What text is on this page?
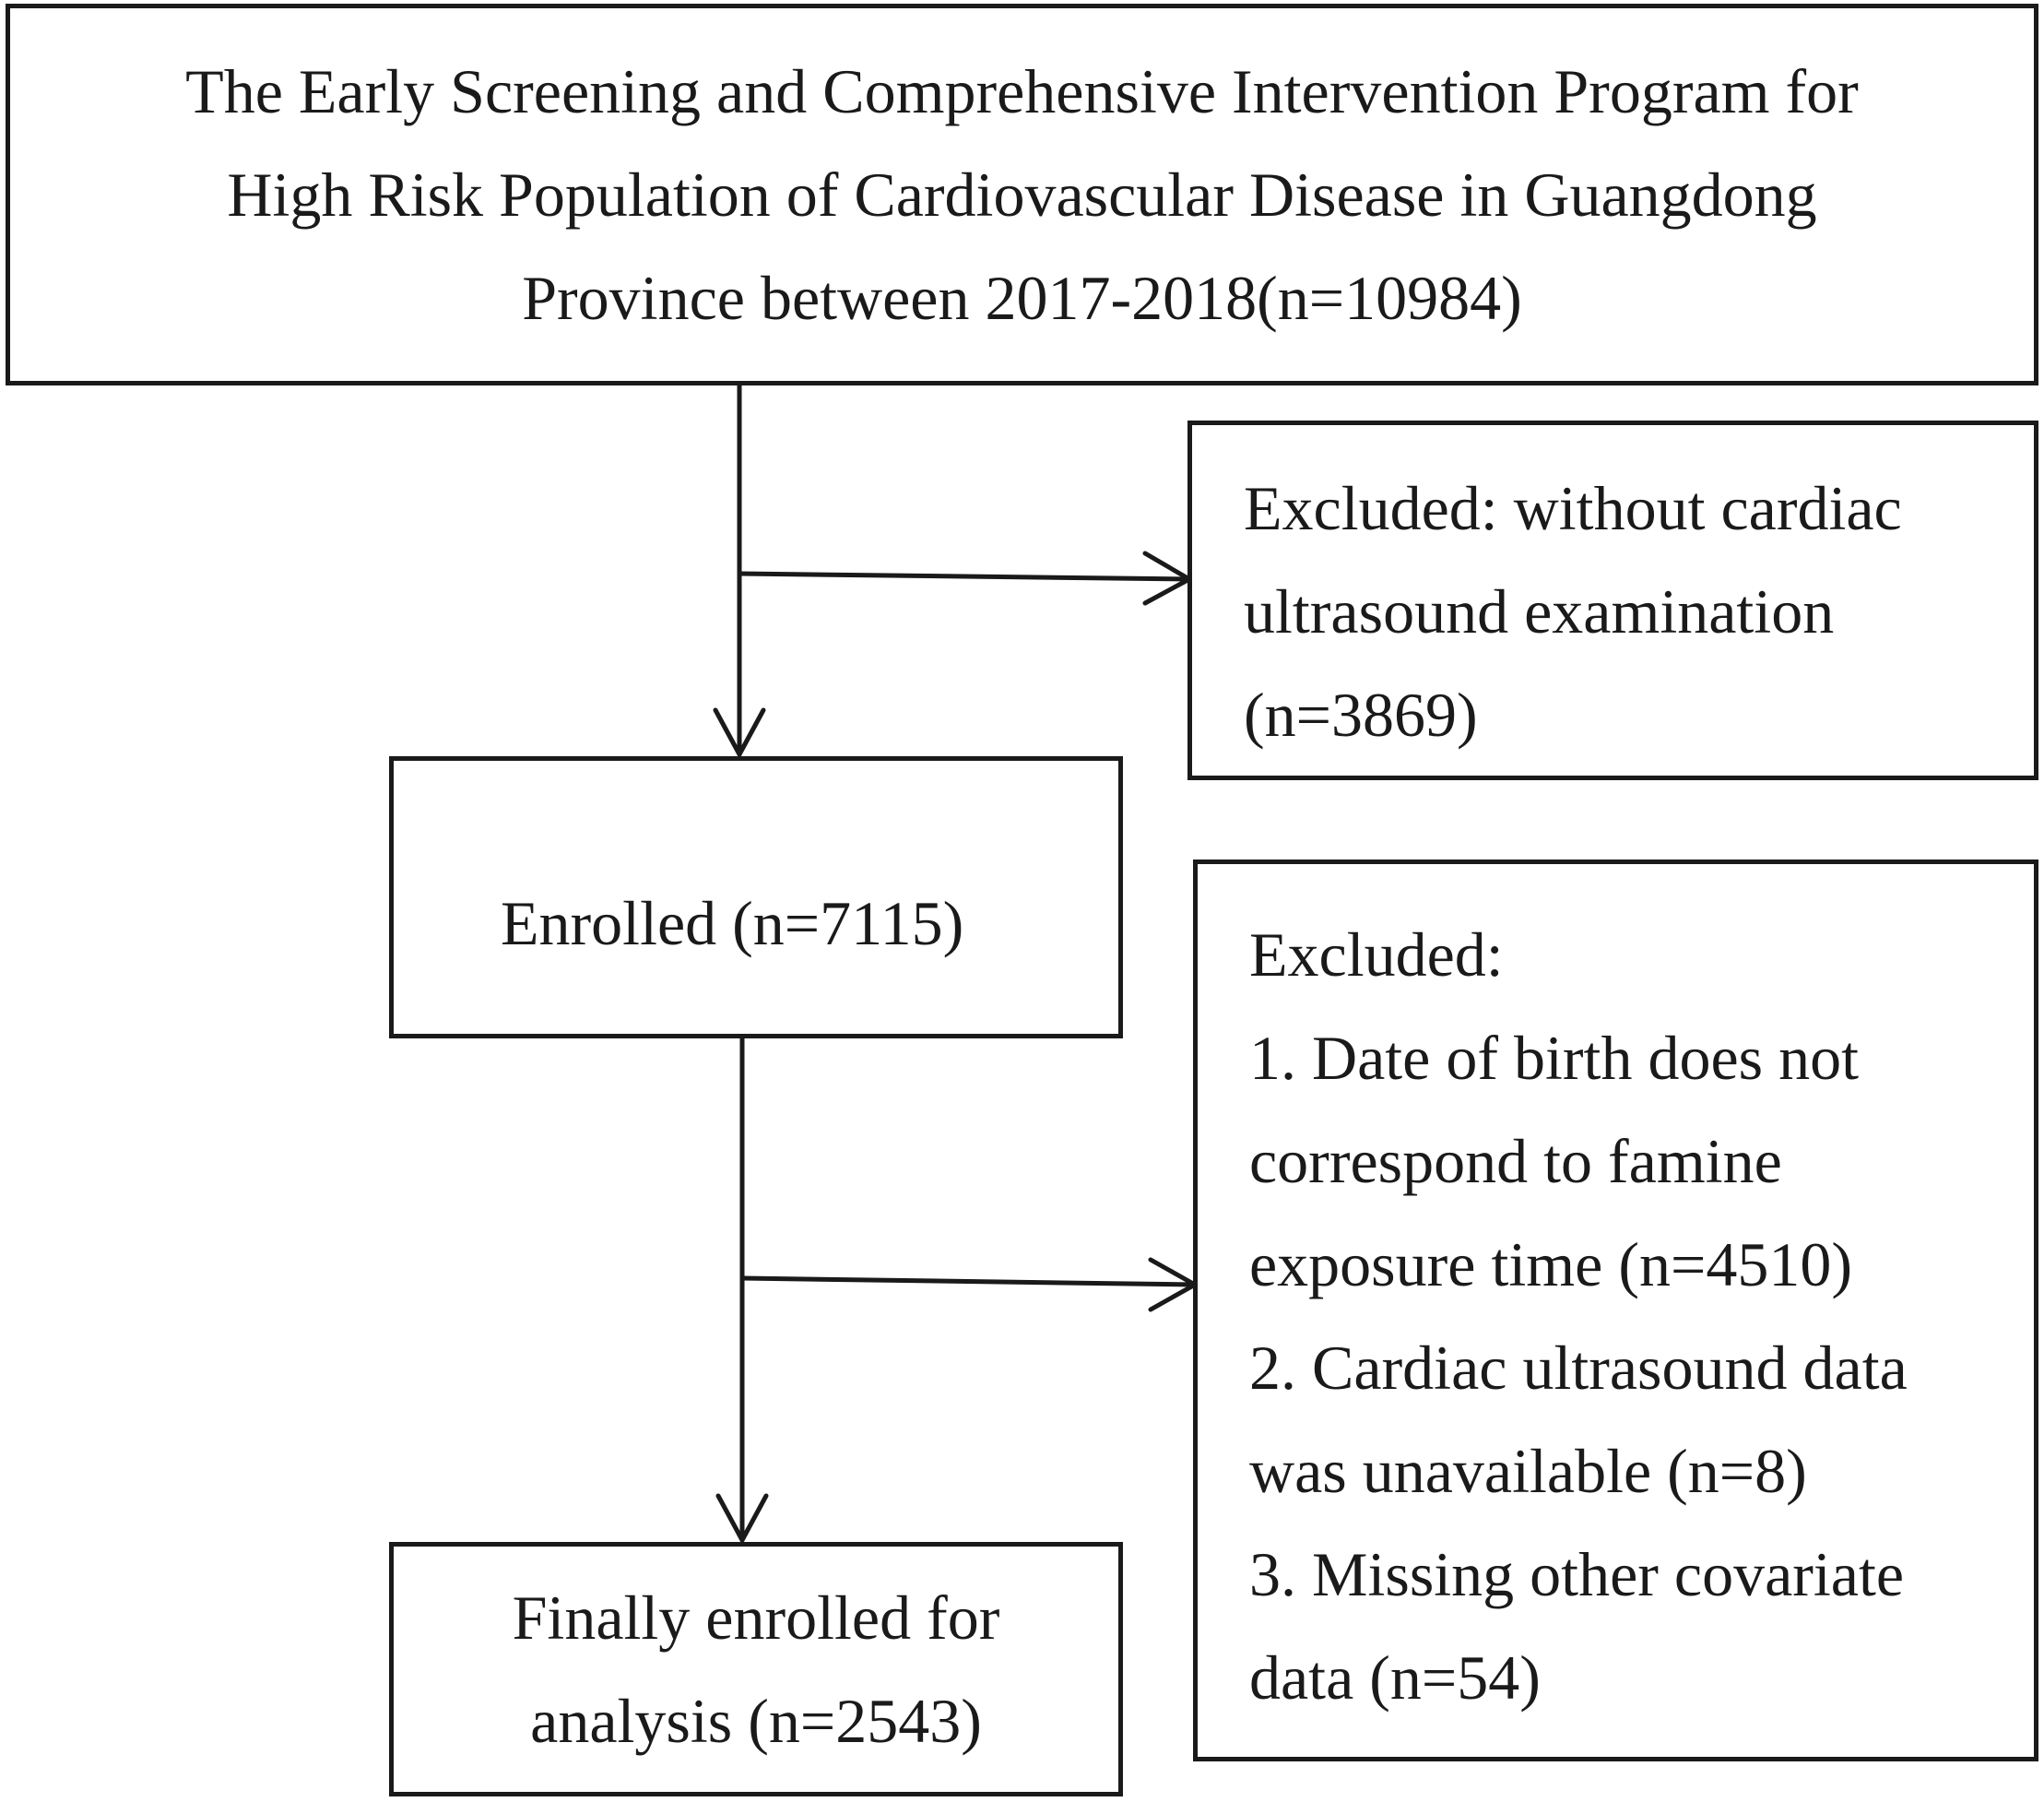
The Early Screening and Comprehensive Intervention Program for
High Risk Population of Cardiovascular Disease in Guangdong
Province between 2017-2018(n=10984)
Excluded: without cardiac
ultrasound examination
(n=3869)
Enrolled (n=7115)	Excluded:
1. Date of birth does not
correspond to famine
exposure time (n=4510)
2. Cardiac ultrasound data
was unavailable (n=8)
3. Missing other covariate
data (n=54)
Finally enrolled for
analysis (n=2543)
